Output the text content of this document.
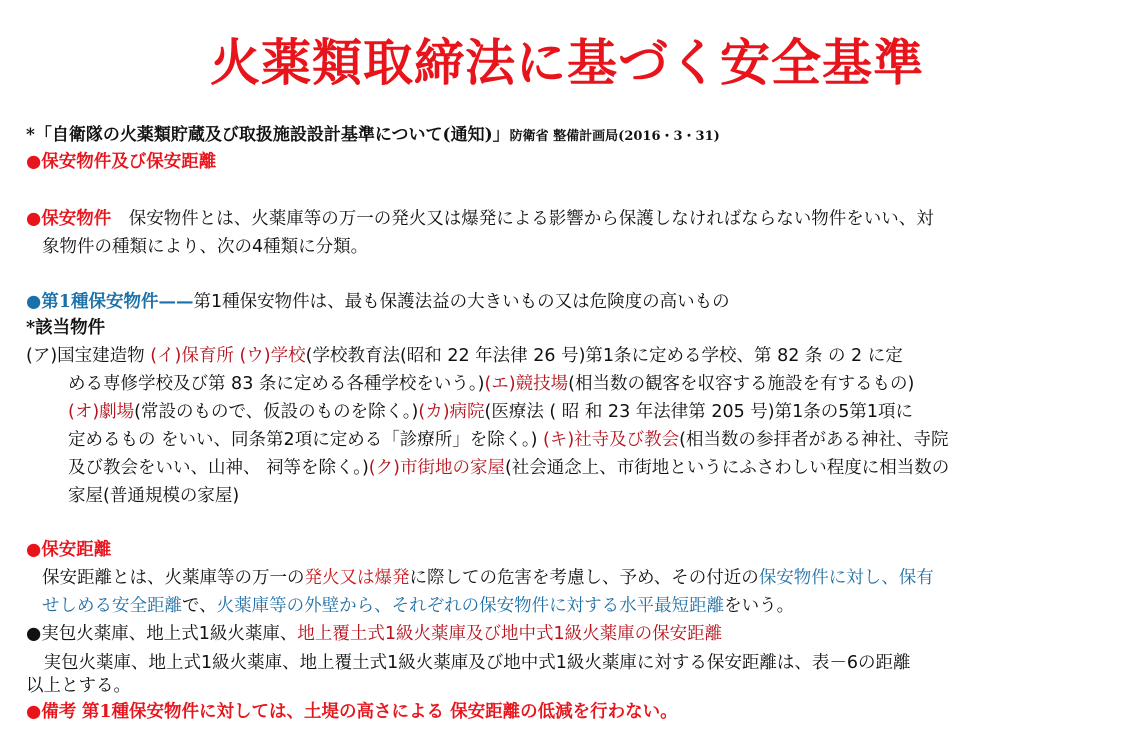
火薬類取締法に基づく安全基準
*「自衛隊の火薬類貯蔵及び取扱施設設計基準について(通知)」防衛省 整備計画局(2016・3・31)
●保安物件及び保安距離
●保安物件　保安物件とは、火薬庫等の万一の発火又は爆発による影響から保護しなければならない物件をいい、対
象物件の種類により、次の4種類に分類。
●第1種保安物件——第1種保安物件は、最も保護法益の大きいもの又は危険度の高いもの
*該当物件
(ア)国宝建造物 (イ)保育所 (ウ)学校(学校教育法(昭和 22 年法律 26 号)第1条に定める学校、第 82 条 の 2 に定
める専修学校及び第 83 条に定める各種学校をいう。)(エ)競技場(相当数の観客を収容する施設を有するもの)
(オ)劇場(常設のもので、仮設のものを除く。)(カ)病院(医療法 ( 昭 和 23 年法律第 205 号)第1条の5第1項に
定めるもの をいい、同条第2項に定める「診療所」を除く。) (キ)社寺及び教会(相当数の参拝者がある神社、寺院
及び教会をいい、山神、 祠等を除く。)(ク)市街地の家屋(社会通念上、市街地というにふさわしい程度に相当数の
家屋(普通規模の家屋)
●保安距離
保安距離とは、火薬庫等の万一の発火又は爆発に際しての危害を考慮し、予め、その付近の保安物件に対し、保有
せしめる安全距離で、火薬庫等の外壁から、それぞれの保安物件に対する水平最短距離をいう。
●実包火薬庫、地上式1級火薬庫、地上覆土式1級火薬庫及び地中式1級火薬庫の保安距離
　実包火薬庫、地上式1級火薬庫、地上覆土式1級火薬庫及び地中式1級火薬庫に対する保安距離は、表－6の距離
以上とする。
●備考 第1種保安物件に対しては、土堤の高さによる 保安距離の低減を行わない。
